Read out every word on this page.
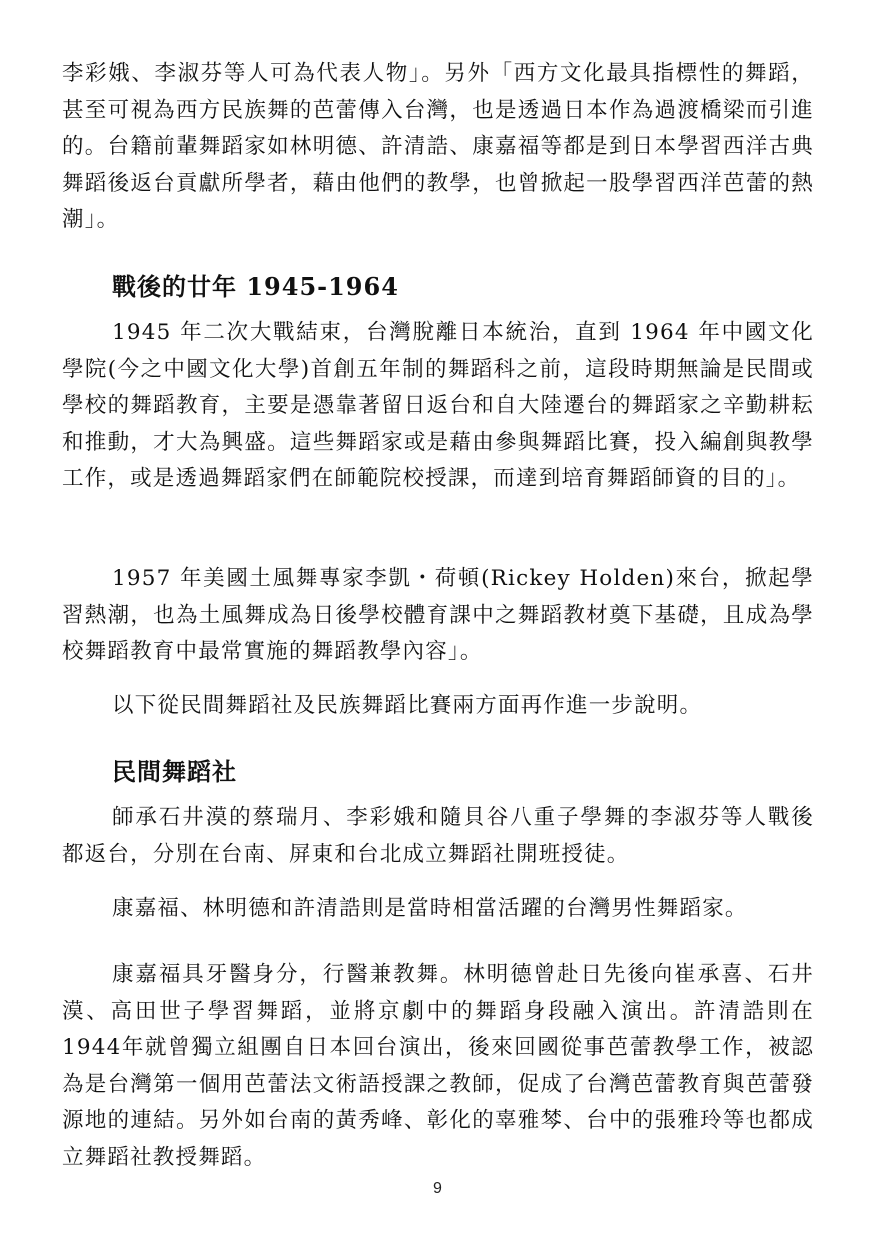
李彩娥、李淑芬等人可為代表人物」。另外「西方文化最具指標性的舞蹈，甚至可視為西方民族舞的芭蕾傳入台灣，也是透過日本作為過渡橋梁而引進的。台籍前輩舞蹈家如林明德、許清誥、康嘉福等都是到日本學習西洋古典舞蹈後返台貢獻所學者，藉由他們的教學，也曾掀起一股學習西洋芭蕾的熱潮」。

戰後的廿年 1945-1964

1945 年二次大戰結束，台灣脫離日本統治，直到 1964 年中國文化學院(今之中國文化大學)首創五年制的舞蹈科之前，這段時期無論是民間或學校的舞蹈教育，主要是憑靠著留日返台和自大陸遷台的舞蹈家之辛勤耕耘和推動，才大為興盛。這些舞蹈家或是藉由參與舞蹈比賽，投入編創與教學工作，或是透過舞蹈家們在師範院校授課，而達到培育舞蹈師資的目的」。

1957 年美國土風舞專家李凱・荷頓(Rickey Holden)來台，掀起學習熱潮，也為土風舞成為日後學校體育課中之舞蹈教材奠下基礎，且成為學校舞蹈教育中最常實施的舞蹈教學內容」。

以下從民間舞蹈社及民族舞蹈比賽兩方面再作進一步說明。

民間舞蹈社

師承石井漠的蔡瑞月、李彩娥和隨貝谷八重子學舞的李淑芬等人戰後都返台，分別在台南、屏東和台北成立舞蹈社開班授徒。

康嘉福、林明德和許清誥則是當時相當活躍的台灣男性舞蹈家。

康嘉福具牙醫身分，行醫兼教舞。林明德曾赴日先後向崔承喜、石井漠、高田世子學習舞蹈，並將京劇中的舞蹈身段融入演出。許清誥則在1944年就曾獨立組團自日本回台演出，後來回國從事芭蕾教學工作，被認為是台灣第一個用芭蕾法文術語授課之教師，促成了台灣芭蕾教育與芭蕾發源地的連結。另外如台南的黃秀峰、彰化的辜雅棽、台中的張雅玲等也都成立舞蹈社教授舞蹈。

9
